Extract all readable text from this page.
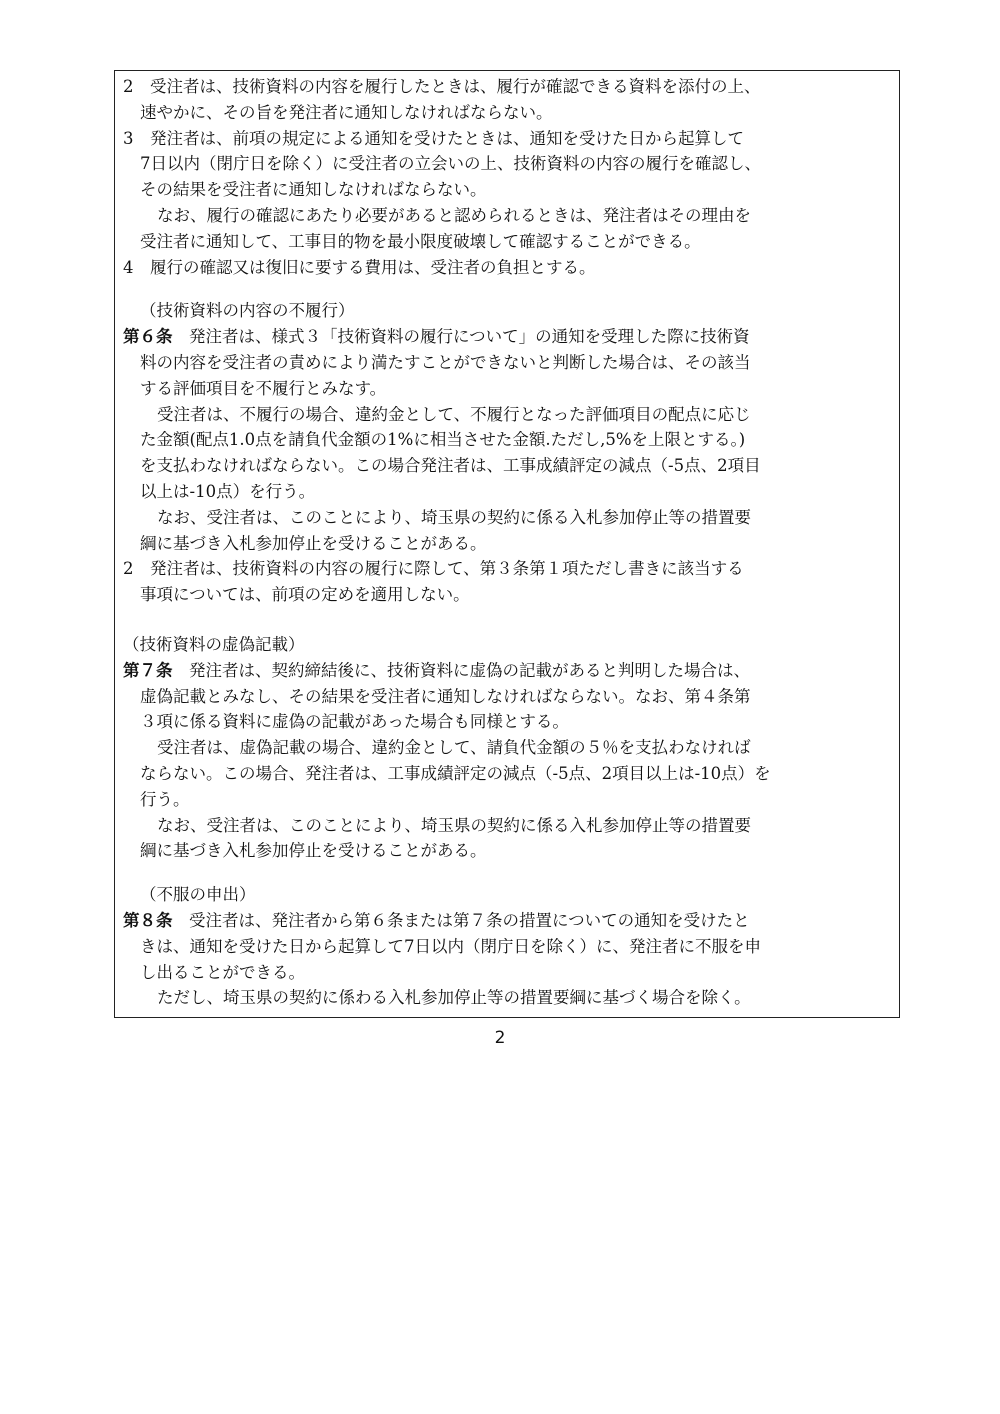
2　受注者は、技術資料の内容を履行したときは、履行が確認できる資料を添付の上、
速やかに、その旨を発注者に通知しなければならない。
3　発注者は、前項の規定による通知を受けたときは、通知を受けた日から起算して
7日以内（閉庁日を除く）に受注者の立会いの上、技術資料の内容の履行を確認し、
その結果を受注者に通知しなければならない。
なお、履行の確認にあたり必要があると認められるときは、発注者はその理由を
受注者に通知して、工事目的物を最小限度破壊して確認することができる。
4　履行の確認又は復旧に要する費用は、受注者の負担とする。
（技術資料の内容の不履行）
第６条　発注者は、様式３「技術資料の履行について」の通知を受理した際に技術資
料の内容を受注者の責めにより満たすことができないと判断した場合は、その該当
する評価項目を不履行とみなす。
受注者は、不履行の場合、違約金として、不履行となった評価項目の配点に応じ
た金額(配点1.0点を請負代金額の1%に相当させた金額.ただし,5%を上限とする。)
を支払わなければならない。この場合発注者は、工事成績評定の減点（-5点、2項目
以上は-10点）を行う。
なお、受注者は、このことにより、埼玉県の契約に係る入札参加停止等の措置要
綱に基づき入札参加停止を受けることがある。
2　発注者は、技術資料の内容の履行に際して、第３条第１項ただし書きに該当する
事項については、前項の定めを適用しない。
（技術資料の虚偽記載）
第７条　発注者は、契約締結後に、技術資料に虚偽の記載があると判明した場合は、
虚偽記載とみなし、その結果を受注者に通知しなければならない。なお、第４条第
３項に係る資料に虚偽の記載があった場合も同様とする。
受注者は、虚偽記載の場合、違約金として、請負代金額の５％を支払わなければ
ならない。この場合、発注者は、工事成績評定の減点（-5点、2項目以上は-10点）を
行う。
なお、受注者は、このことにより、埼玉県の契約に係る入札参加停止等の措置要
綱に基づき入札参加停止を受けることがある。
（不服の申出）
第８条　受注者は、発注者から第６条または第７条の措置についての通知を受けたと
きは、通知を受けた日から起算して7日以内（閉庁日を除く）に、発注者に不服を申
し出ることができる。
ただし、埼玉県の契約に係わる入札参加停止等の措置要綱に基づく場合を除く。
2
